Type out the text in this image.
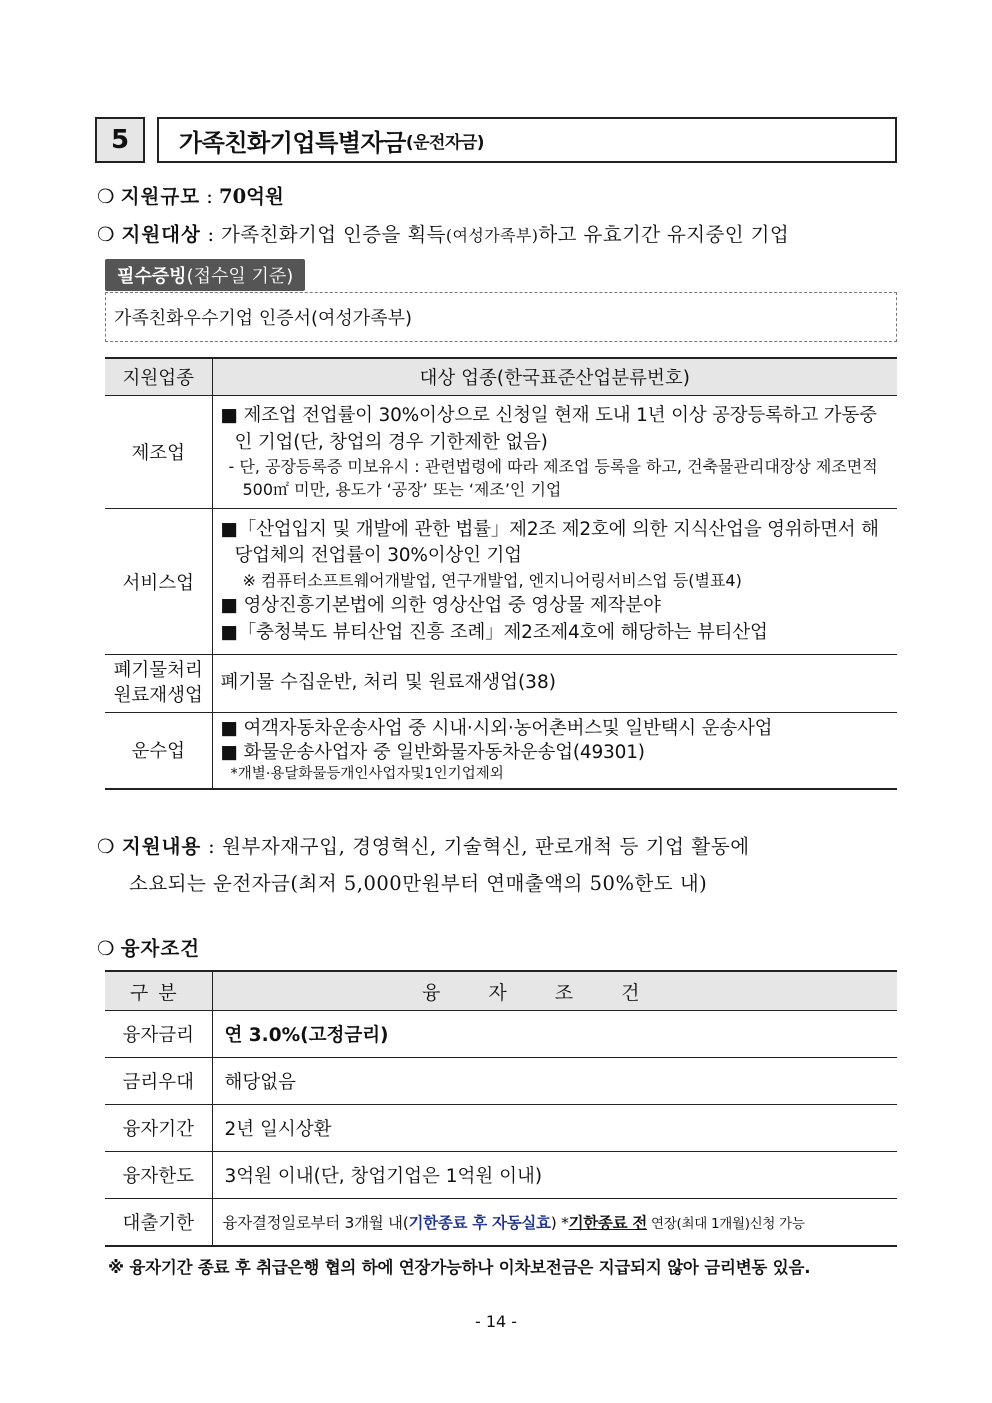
5	가족친화기업특별자금 (운전자금)
❍ 지원규모 : 70억원
❍ 지원대상 : 가족친화기업 인증을 획득(여성가족부)하고 유효기간 유지중인 기업
필수증빙 (접수일 기준)
가족친화우수기업 인증서(여성가족부)
지원업종	대상 업종(한국표준산업분류번호)
제조업	■ 제조업 전업률이 30%이상으로 신청일 현재 도내 1년 이상 공장등록하고 가동중인 기업(단, 창업의 경우 기한제한 없음)
- 단, 공장등록증 미보유시 : 관련법령에 따라 제조업 등록을 하고, 건축물관리대장상 제조면적 500㎡ 미만, 용도가 ‘공장’ 또는 ‘제조’인 기업

서비스업	■「산업입지 및 개발에 관한 법률」제2조 제2호에 의한 지식산업을 영위하면서 해당업체의 전업률이 30%이상인 기업
※ 컴퓨터소프트웨어개발업, 연구개발업, 엔지니어링서비스업 등(별표4)
■ 영상진흥기본법에 의한 영상산업 중 영상물 제작분야
■「충청북도 뷰티산업 진흥 조례」제2조제4호에 해당하는 뷰티산업

폐기물처리
원료재생업	폐기물 수집운반, 처리 및 원료재생업(38)
운수업	■ 여객자동차운송사업 중 시내·시외·농어촌버스및 일반택시 운송사업
■ 화물운송사업자 중 일반화물자동차운송업(49301)
*개별·용달화물등개인사업자및1인기업제외
❍ 지원내용 : 원부자재구입, 경영혁신, 기술혁신, 판로개척 등 기업 활동에
소요되는 운전자금(최저 5,000만원부터 연매출액의 50%한도 내)
❍ 융자조건
구분	융자조건
융자금리	연 3.0%(고정금리)
금리우대	해당없음
융자기간	2년 일시상환
융자한도	3억원 이내(단, 창업기업은 1억원 이내)
대출기한	융자결정일로부터 3개월 내(기한종료 후 자동실효) *기한종료 전 연장(최대 1개월)신청 가능
※ 융자기간 종료 후 취급은행 협의 하에 연장가능하나 이차보전금은 지급되지 않아 금리변동 있음.
- 14 -
